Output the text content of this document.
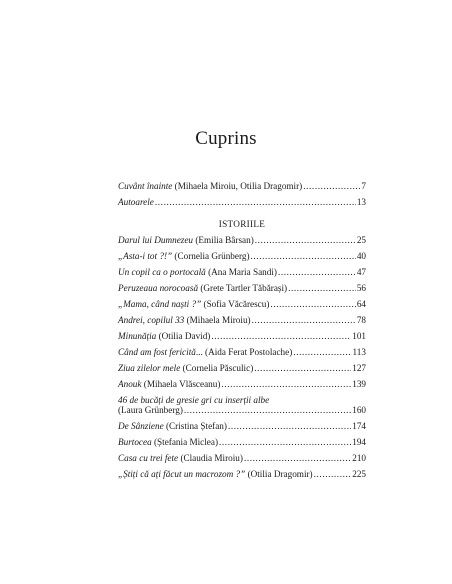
Cuprins
Cuvânt înainte (Mihaela Miroiu, Otilia Dragomir) .....	7
Autoarele .....	13
ISTORIILE
Darul lui Dumnezeu (Emilia Bârsan) .....	25
„Asta-i tot ?!” (Cornelia Grünberg) .....	40
Un copil ca o portocală (Ana Maria Sandi) .....	47
Peruzeaua norocoasă (Grete Tartler Tăbărași) .....	56
„Mama, când naști ?” (Sofia Văcărescu) .....	64
Andrei, copilul 33 (Mihaela Miroiu) .....	78
Minunăția (Otilia David) .....	101
Când am fost fericită... (Aida Ferat Postolache) .....	113
Ziua zilelor mele (Cornelia Păsculic) .....	127
Anouk (Mihaela Vlăsceanu) .....	139
46 de bucăți de gresie gri cu inserții albe
(Laura Grünberg) .....	160
De Sânziene (Cristina Ștefan) .....	174
Burtocea (Ștefania Miclea) .....	194
Casa cu trei fete (Claudia Miroiu) .....	210
„Știți că ați făcut un macrozom ?” (Otilia Dragomir) .....	225
